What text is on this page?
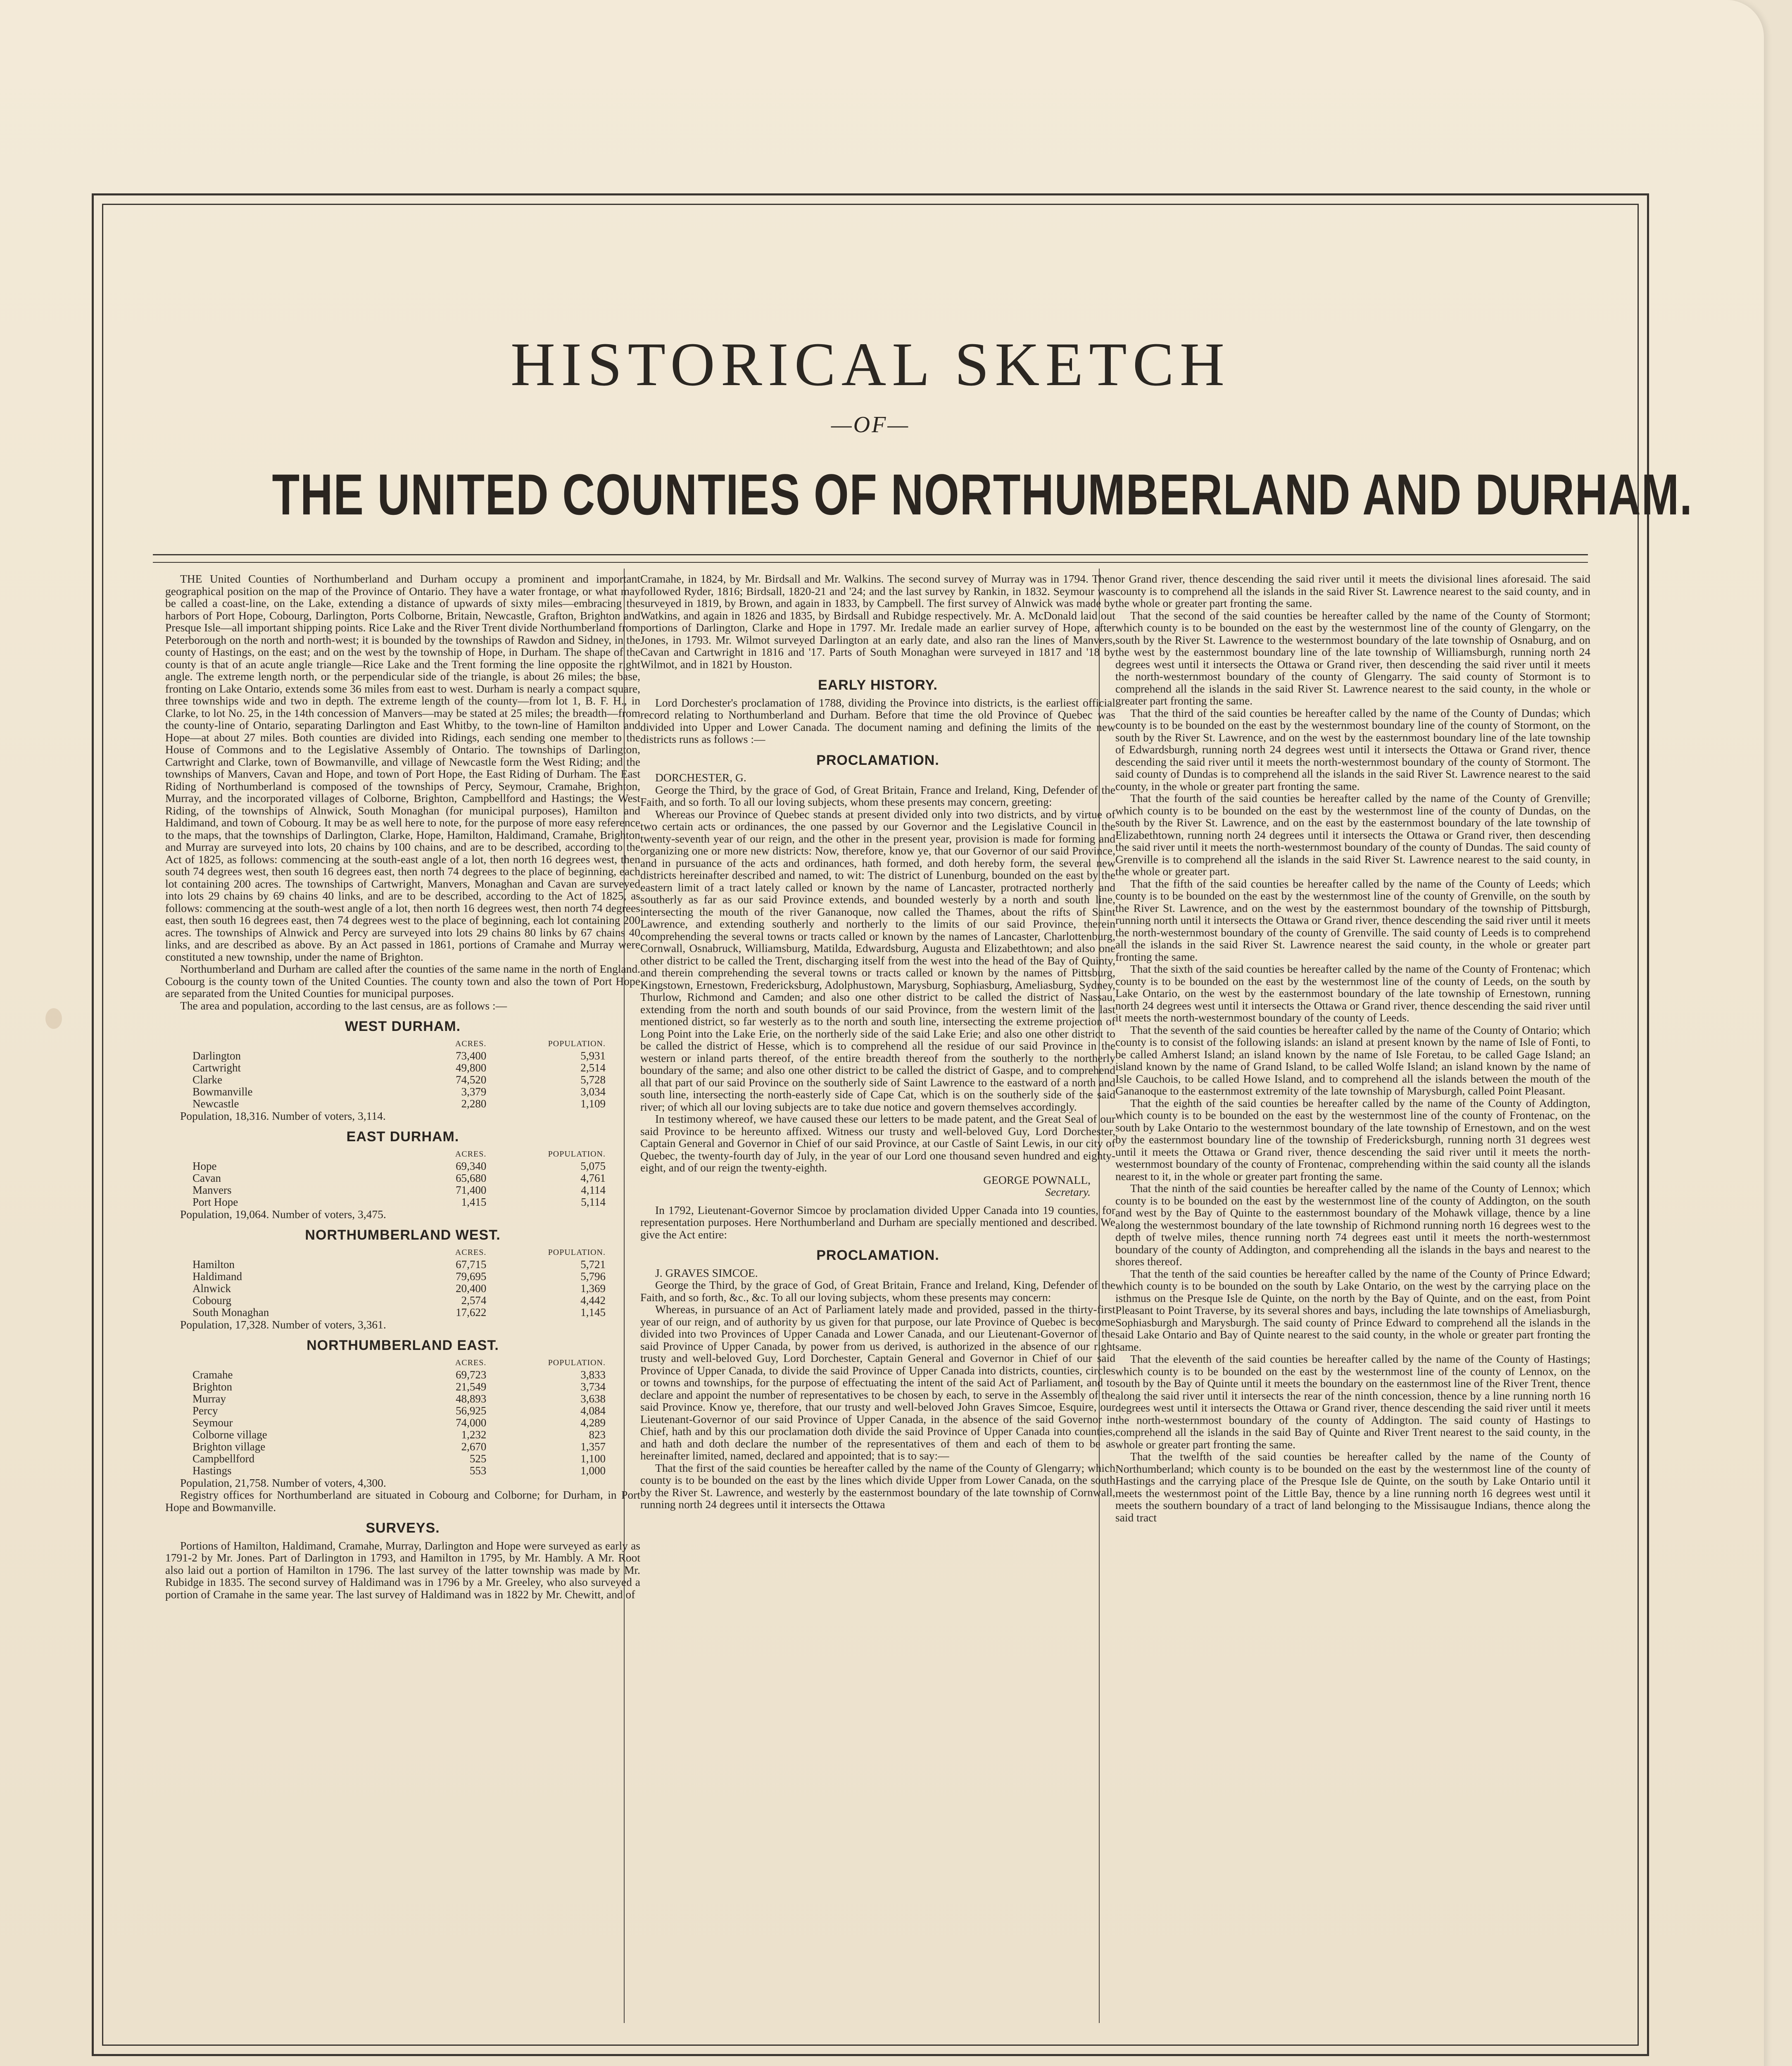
HISTORICAL SKETCH
—OF—
THE UNITED COUNTIES OF NORTHUMBERLAND AND DURHAM.

THE United Counties of Northumberland and Durham occupy a prominent and important geographical position on the map of the Province of Ontario. They have a water frontage, or what may be called a coast-line, on the Lake, extending a distance of upwards of sixty miles—embracing the harbors of Port Hope, Cobourg, Darlington, Ports Colborne, Britain, Newcastle, Grafton, Brighton and Presque Isle—all important shipping points. Rice Lake and the River Trent divide Northumberland from Peterborough on the north and north-west; it is bounded by the townships of Rawdon and Sidney, in the county of Hastings, on the east; and on the west by the township of Hope, in Durham. The shape of the county is that of an acute angle triangle—Rice Lake and the Trent forming the line opposite the right angle. The extreme length north, or the perpendicular side of the triangle, is about 26 miles; the base, fronting on Lake Ontario, extends some 36 miles from east to west. Durham is nearly a compact square, three townships wide and two in depth. The extreme length of the county—from lot 1, B. F. H., in Clarke, to lot No. 25, in the 14th concession of Manvers—may be stated at 25 miles; the breadth—from the county-line of Ontario, separating Darlington and East Whitby, to the town-line of Hamilton and Hope—at about 27 miles. Both counties are divided into Ridings, each sending one member to the House of Commons and to the Legislative Assembly of Ontario. The townships of Darlington, Cartwright and Clarke, town of Bowmanville, and village of Newcastle form the West Riding; and the townships of Manvers, Cavan and Hope, and town of Port Hope, the East Riding of Durham. The East Riding of Northumberland is composed of the townships of Percy, Seymour, Cramahe, Brighton, Murray, and the incorporated villages of Colborne, Brighton, Campbellford and Hastings; the West Riding, of the townships of Alnwick, South Monaghan (for municipal purposes), Hamilton and Haldimand, and town of Cobourg. It may be as well here to note, for the purpose of more easy reference to the maps, that the townships of Darlington, Clarke, Hope, Hamilton, Haldimand, Cramahe, Brighton and Murray are surveyed into lots, 20 chains by 100 chains, and are to be described, according to the Act of 1825, as follows: commencing at the south-east angle of a lot, then north 16 degrees west, then south 74 degrees west, then south 16 degrees east, then north 74 degrees to the place of beginning, each lot containing 200 acres. The townships of Cartwright, Manvers, Monaghan and Cavan are surveyed into lots 29 chains by 69 chains 40 links, and are to be described, according to the Act of 1825, as follows: commencing at the south-west angle of a lot, then north 16 degrees west, then north 74 degrees east, then south 16 degrees east, then 74 degrees west to the place of beginning, each lot containing 200 acres. The townships of Alnwick and Percy are surveyed into lots 29 chains 80 links by 67 chains 40 links, and are described as above. By an Act passed in 1861, portions of Cramahe and Murray were constituted a new township, under the name of Brighton.

Northumberland and Durham are called after the counties of the same name in the north of England. Cobourg is the county town of the United Counties. The county town and also the town of Port Hope are separated from the United Counties for municipal purposes.

The area and population, according to the last census, are as follows :—

WEST DURHAM.
	ACRES.	POPULATION.
Darlington	73,400	5,931
Cartwright	49,800	2,514
Clarke	74,520	5,728
Bowmanville	3,379	3,034
Newcastle	2,280	1,109

Population, 18,316. Number of voters, 3,114.

EAST DURHAM.
	ACRES.	POPULATION.
Hope	69,340	5,075
Cavan	65,680	4,761
Manvers	71,400	4,114
Port Hope	1,415	5,114

Population, 19,064. Number of voters, 3,475.

NORTHUMBERLAND WEST.
	ACRES.	POPULATION.
Hamilton	67,715	5,721
Haldimand	79,695	5,796
Alnwick	20,400	1,369
Cobourg	2,574	4,442
South Monaghan	17,622	1,145

Population, 17,328. Number of voters, 3,361.

NORTHUMBERLAND EAST.
	ACRES.	POPULATION.
Cramahe	69,723	3,833
Brighton	21,549	3,734
Murray	48,893	3,638
Percy	56,925	4,084
Seymour	74,000	4,289
Colborne village	1,232	823
Brighton village	2,670	1,357
Campbellford	525	1,100
Hastings	553	1,000

Population, 21,758. Number of voters, 4,300.

Registry offices for Northumberland are situated in Cobourg and Colborne; for Durham, in Port Hope and Bowmanville.

SURVEYS.

Portions of Hamilton, Haldimand, Cramahe, Murray, Darlington and Hope were surveyed as early as 1791-2 by Mr. Jones. Part of Darlington in 1793, and Hamilton in 1795, by Mr. Hambly. A Mr. Root also laid out a portion of Hamilton in 1796. The last survey of the latter township was made by Mr. Rubidge in 1835. The second survey of Haldimand was in 1796 by a Mr. Greeley, who also surveyed a portion of Cramahe in the same year. The last survey of Haldimand was in 1822 by Mr. Chewitt, and of

Cramahe, in 1824, by Mr. Birdsall and Mr. Walkins. The second survey of Murray was in 1794. Then followed Ryder, 1816; Birdsall, 1820-21 and '24; and the last survey by Rankin, in 1832. Seymour was surveyed in 1819, by Brown, and again in 1833, by Campbell. The first survey of Alnwick was made by Watkins, and again in 1826 and 1835, by Birdsall and Rubidge respectively. Mr. A. McDonald laid out portions of Darlington, Clarke and Hope in 1797. Mr. Iredale made an earlier survey of Hope, after Jones, in 1793. Mr. Wilmot surveyed Darlington at an early date, and also ran the lines of Manvers, Cavan and Cartwright in 1816 and '17. Parts of South Monaghan were surveyed in 1817 and '18 by Wilmot, and in 1821 by Houston.

EARLY HISTORY.

Lord Dorchester's proclamation of 1788, dividing the Province into districts, is the earliest official record relating to Northumberland and Durham. Before that time the old Province of Quebec was divided into Upper and Lower Canada. The document naming and defining the limits of the new districts runs as follows :—

PROCLAMATION.

DORCHESTER, G.

George the Third, by the grace of God, of Great Britain, France and Ireland, King, Defender of the Faith, and so forth. To all our loving subjects, whom these presents may concern, greeting:

Whereas our Province of Quebec stands at present divided only into two districts, and by virtue of two certain acts or ordinances, the one passed by our Governor and the Legislative Council in the twenty-seventh year of our reign, and the other in the present year, provision is made for forming and organizing one or more new districts: Now, therefore, know ye, that our Governor of our said Province, and in pursuance of the acts and ordinances, hath formed, and doth hereby form, the several new districts hereinafter described and named, to wit: The district of Lunenburg, bounded on the east by the eastern limit of a tract lately called or known by the name of Lancaster, protracted northerly and southerly as far as our said Province extends, and bounded westerly by a north and south line, intersecting the mouth of the river Gananoque, now called the Thames, about the rifts of Saint Lawrence, and extending southerly and northerly to the limits of our said Province, therein comprehending the several towns or tracts called or known by the names of Lancaster, Charlottenburg, Cornwall, Osnabruck, Williamsburg, Matilda, Edwardsburg, Augusta and Elizabethtown; and also one other district to be called the Trent, discharging itself from the west into the head of the Bay of Quinty, and therein comprehending the several towns or tracts called or known by the names of Pittsburg, Kingstown, Ernestown, Fredericksburg, Adolphustown, Marysburg, Sophiasburg, Ameliasburg, Sydney, Thurlow, Richmond and Camden; and also one other district to be called the district of Nassau, extending from the north and south bounds of our said Province, from the western limit of the last mentioned district, so far westerly as to the north and south line, intersecting the extreme projection of Long Point into the Lake Erie, on the northerly side of the said Lake Erie; and also one other district to be called the district of Hesse, which is to comprehend all the residue of our said Province in the western or inland parts thereof, of the entire breadth thereof from the southerly to the northerly boundary of the same; and also one other district to be called the district of Gaspe, and to comprehend all that part of our said Province on the southerly side of Saint Lawrence to the eastward of a north and south line, intersecting the north-easterly side of Cape Cat, which is on the southerly side of the said river; of which all our loving subjects are to take due notice and govern themselves accordingly.

In testimony whereof, we have caused these our letters to be made patent, and the Great Seal of our said Province to be hereunto affixed. Witness our trusty and well-beloved Guy, Lord Dorchester, Captain General and Governor in Chief of our said Province, at our Castle of Saint Lewis, in our city of Quebec, the twenty-fourth day of July, in the year of our Lord one thousand seven hundred and eighty-eight, and of our reign the twenty-eighth.

GEORGE POWNALL,

Secretary.

In 1792, Lieutenant-Governor Simcoe by proclamation divided Upper Canada into 19 counties, for representation purposes. Here Northumberland and Durham are specially mentioned and described. We give the Act entire:

PROCLAMATION.

J. GRAVES SIMCOE.

George the Third, by the grace of God, of Great Britain, France and Ireland, King, Defender of the Faith, and so forth, &c., &c. To all our loving subjects, whom these presents may concern:

Whereas, in pursuance of an Act of Parliament lately made and provided, passed in the thirty-first year of our reign, and of authority by us given for that purpose, our late Province of Quebec is become divided into two Provinces of Upper Canada and Lower Canada, and our Lieutenant-Governor of the said Province of Upper Canada, by power from us derived, is authorized in the absence of our right trusty and well-beloved Guy, Lord Dorchester, Captain General and Governor in Chief of our said Province of Upper Canada, to divide the said Province of Upper Canada into districts, counties, circles or towns and townships, for the purpose of effectuating the intent of the said Act of Parliament, and to declare and appoint the number of representatives to be chosen by each, to serve in the Assembly of the said Province. Know ye, therefore, that our trusty and well-beloved John Graves Simcoe, Esquire, our Lieutenant-Governor of our said Province of Upper Canada, in the absence of the said Governor in Chief, hath and by this our proclamation doth divide the said Province of Upper Canada into counties, and hath and doth declare the number of the representatives of them and each of them to be as hereinafter limited, named, declared and appointed; that is to say:—

That the first of the said counties be hereafter called by the name of the County of Glengarry; which county is to be bounded on the east by the lines which divide Upper from Lower Canada, on the south by the River St. Lawrence, and westerly by the easternmost boundary of the late township of Cornwall, running north 24 degrees until it intersects the Ottawa

or Grand river, thence descending the said river until it meets the divisional lines aforesaid. The said county is to comprehend all the islands in the said River St. Lawrence nearest to the said county, and in the whole or greater part fronting the same.

That the second of the said counties be hereafter called by the name of the County of Stormont; which county is to be bounded on the east by the westernmost line of the county of Glengarry, on the south by the River St. Lawrence to the westernmost boundary of the late township of Osnaburg, and on the west by the easternmost boundary line of the late township of Williamsburgh, running north 24 degrees west until it intersects the Ottawa or Grand river, then descending the said river until it meets the north-westernmost boundary of the county of Glengarry. The said county of Stormont is to comprehend all the islands in the said River St. Lawrence nearest to the said county, in the whole or greater part fronting the same.

That the third of the said counties be hereafter called by the name of the County of Dundas; which county is to be bounded on the east by the westernmost boundary line of the county of Stormont, on the south by the River St. Lawrence, and on the west by the easternmost boundary line of the late township of Edwardsburgh, running north 24 degrees west until it intersects the Ottawa or Grand river, thence descending the said river until it meets the north-westernmost boundary of the county of Stormont. The said county of Dundas is to comprehend all the islands in the said River St. Lawrence nearest to the said county, in the whole or greater part fronting the same.

That the fourth of the said counties be hereafter called by the name of the County of Grenville; which county is to be bounded on the east by the westernmost line of the county of Dundas, on the south by the River St. Lawrence, and on the east by the easternmost boundary of the late township of Elizabethtown, running north 24 degrees until it intersects the Ottawa or Grand river, then descending the said river until it meets the north-westernmost boundary of the county of Dundas. The said county of Grenville is to comprehend all the islands in the said River St. Lawrence nearest to the said county, in the whole or greater part.

That the fifth of the said counties be hereafter called by the name of the County of Leeds; which county is to be bounded on the east by the westernmost line of the county of Grenville, on the south by the River St. Lawrence, and on the west by the easternmost boundary of the township of Pittsburgh, running north until it intersects the Ottawa or Grand river, thence descending the said river until it meets the north-westernmost boundary of the county of Grenville. The said county of Leeds is to comprehend all the islands in the said River St. Lawrence nearest the said county, in the whole or greater part fronting the same.

That the sixth of the said counties be hereafter called by the name of the County of Frontenac; which county is to be bounded on the east by the westernmost line of the county of Leeds, on the south by Lake Ontario, on the west by the easternmost boundary of the late township of Ernestown, running north 24 degrees west until it intersects the Ottawa or Grand river, thence descending the said river until it meets the north-westernmost boundary of the county of Leeds.

That the seventh of the said counties be hereafter called by the name of the County of Ontario; which county is to consist of the following islands: an island at present known by the name of Isle of Fonti, to be called Amherst Island; an island known by the name of Isle Foretau, to be called Gage Island; an island known by the name of Grand Island, to be called Wolfe Island; an island known by the name of Isle Cauchois, to be called Howe Island, and to comprehend all the islands between the mouth of the Gananoque to the easternmost extremity of the late township of Marysburgh, called Point Pleasant.

That the eighth of the said counties be hereafter called by the name of the County of Addington, which county is to be bounded on the east by the westernmost line of the county of Frontenac, on the south by Lake Ontario to the westernmost boundary of the late township of Ernestown, and on the west by the easternmost boundary line of the township of Fredericksburgh, running north 31 degrees west until it meets the Ottawa or Grand river, thence descending the said river until it meets the north-westernmost boundary of the county of Frontenac, comprehending within the said county all the islands nearest to it, in the whole or greater part fronting the same.

That the ninth of the said counties be hereafter called by the name of the County of Lennox; which county is to be bounded on the east by the westernmost line of the county of Addington, on the south and west by the Bay of Quinte to the easternmost boundary of the Mohawk village, thence by a line along the westernmost boundary of the late township of Richmond running north 16 degrees west to the depth of twelve miles, thence running north 74 degrees east until it meets the north-westernmost boundary of the county of Addington, and comprehending all the islands in the bays and nearest to the shores thereof.

That the tenth of the said counties be hereafter called by the name of the County of Prince Edward; which county is to be bounded on the south by Lake Ontario, on the west by the carrying place on the isthmus on the Presque Isle de Quinte, on the north by the Bay of Quinte, and on the east, from Point Pleasant to Point Traverse, by its several shores and bays, including the late townships of Ameliasburgh, Sophiasburgh and Marysburgh. The said county of Prince Edward to comprehend all the islands in the said Lake Ontario and Bay of Quinte nearest to the said county, in the whole or greater part fronting the same.

That the eleventh of the said counties be hereafter called by the name of the County of Hastings; which county is to be bounded on the east by the westernmost line of the county of Lennox, on the south by the Bay of Quinte until it meets the boundary on the easternmost line of the River Trent, thence along the said river until it intersects the rear of the ninth concession, thence by a line running north 16 degrees west until it intersects the Ottawa or Grand river, thence descending the said river until it meets the north-westernmost boundary of the county of Addington. The said county of Hastings to comprehend all the islands in the said Bay of Quinte and River Trent nearest to the said county, in the whole or greater part fronting the same.

That the twelfth of the said counties be hereafter called by the name of the County of Northumberland; which county is to be bounded on the east by the westernmost line of the county of Hastings and the carrying place of the Presque Isle de Quinte, on the south by Lake Ontario until it meets the westernmost point of the Little Bay, thence by a line running north 16 degrees west until it meets the southern boundary of a tract of land belonging to the Missisaugue Indians, thence along the said tract
